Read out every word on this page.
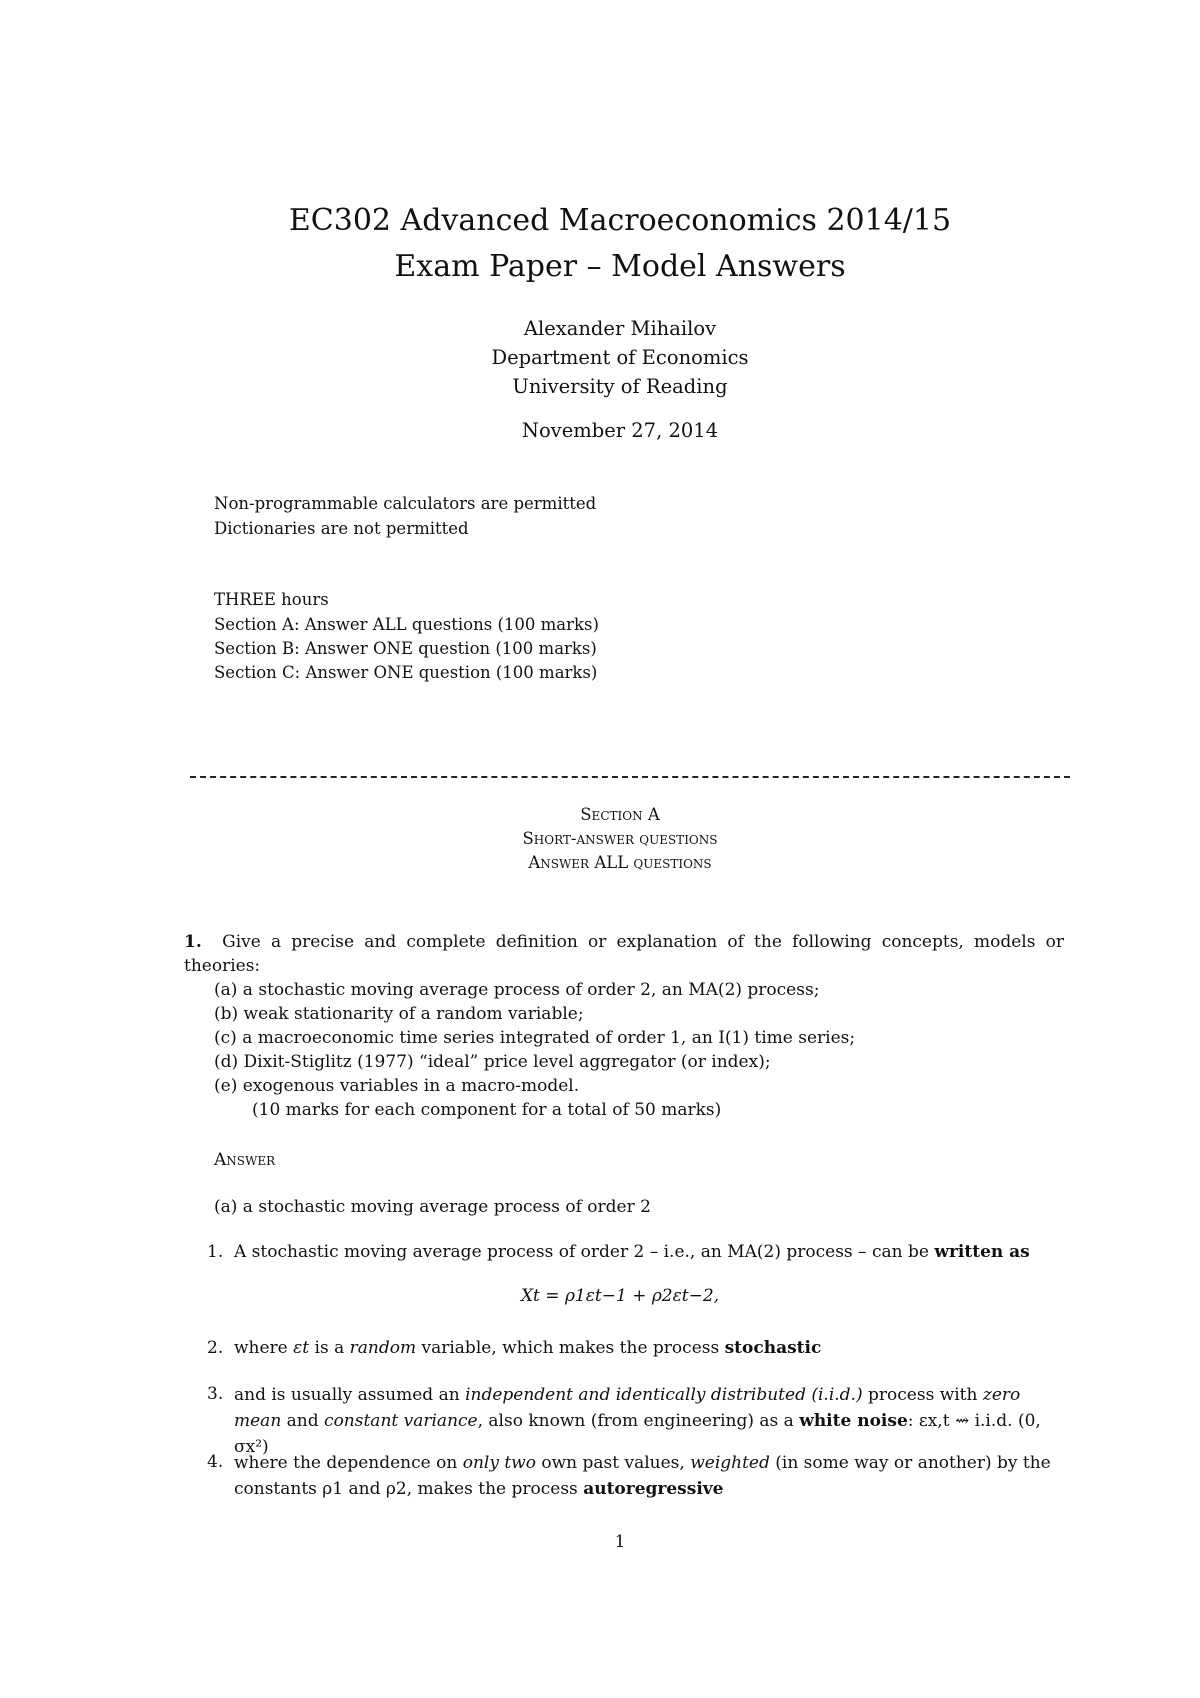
EC302 Advanced Macroeconomics 2014/15
Exam Paper – Model Answers
Alexander Mihailov
Department of Economics
University of Reading
November 27, 2014
Non-programmable calculators are permitted
Dictionaries are not permitted
THREE hours
Section A: Answer ALL questions (100 marks)
Section B: Answer ONE question (100 marks)
Section C: Answer ONE question (100 marks)
Section A
Short-answer questions
Answer ALL questions
1. Give a precise and complete definition or explanation of the following concepts, models or theories:
(a) a stochastic moving average process of order 2, an MA(2) process;
(b) weak stationarity of a random variable;
(c) a macroeconomic time series integrated of order 1, an I(1) time series;
(d) Dixit-Stiglitz (1977) “ideal” price level aggregator (or index);
(e) exogenous variables in a macro-model.
(10 marks for each component for a total of 50 marks)
Answer
(a) a stochastic moving average process of order 2
1. A stochastic moving average process of order 2 – i.e., an MA(2) process – can be written as
Xt = ρ1εt−1 + ρ2εt−2,
2. where εt is a random variable, which makes the process stochastic
3. and is usually assumed an independent and identically distributed (i.i.d.) process with zero mean and constant variance, also known (from engineering) as a white noise: εx,t ⇝ i.i.d. (0, σx²)
4. where the dependence on only two own past values, weighted (in some way or another) by the constants ρ1 and ρ2, makes the process autoregressive
1
